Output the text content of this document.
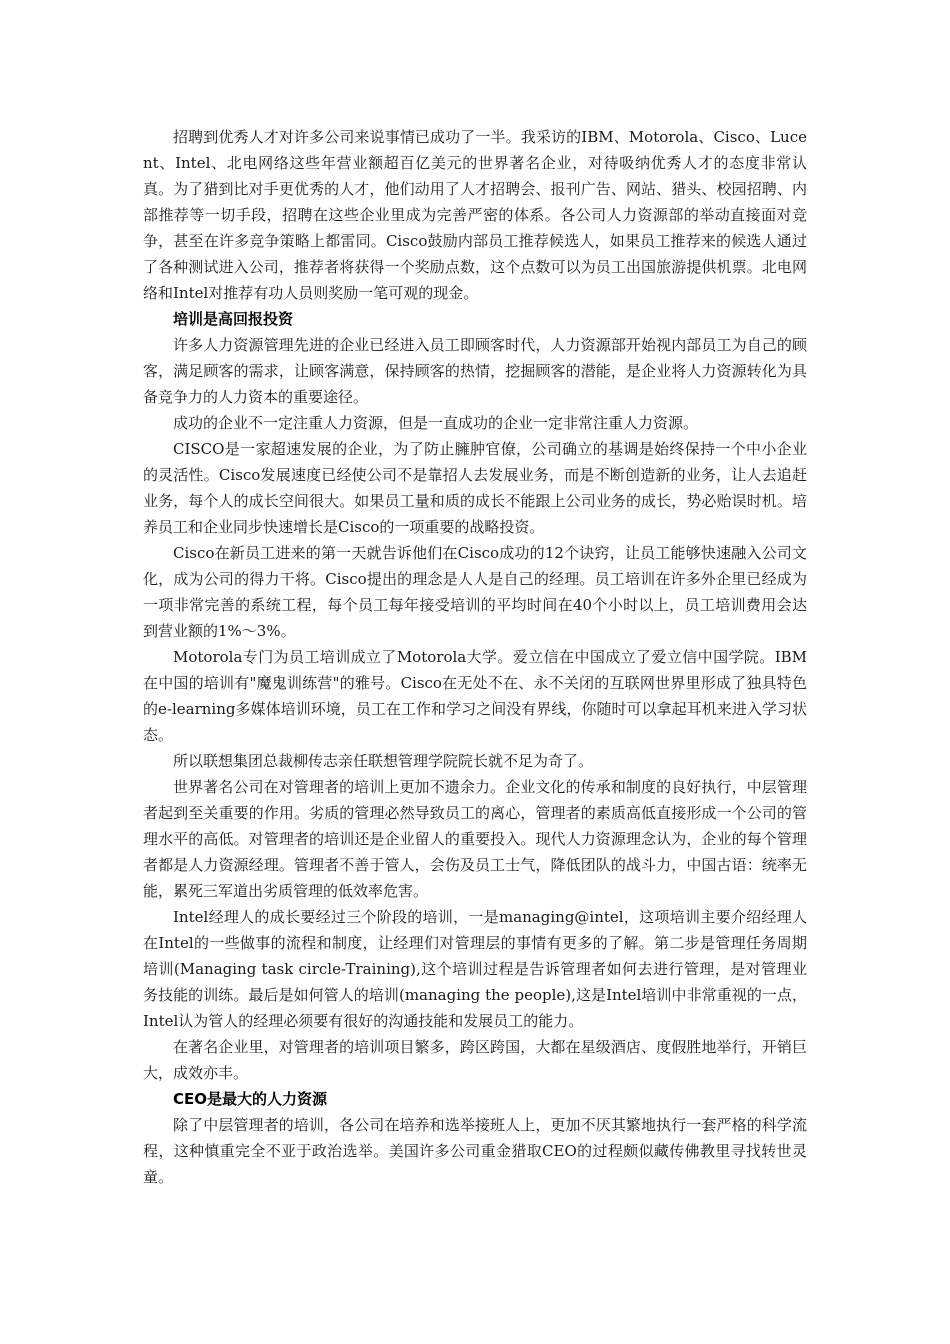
招聘到优秀人才对许多公司来说事情已成功了一半。我采访的IBM、Motorola、Cisco、Lucent、Intel、北电网络这些年营业额超百亿美元的世界著名企业，对待吸纳优秀人才的态度非常认真。为了猎到比对手更优秀的人才，他们动用了人才招聘会、报刊广告、网站、猎头、校园招聘、内部推荐等一切手段，招聘在这些企业里成为完善严密的体系。各公司人力资源部的举动直接面对竞争，甚至在许多竞争策略上都雷同。Cisco鼓励内部员工推荐候选人，如果员工推荐来的候选人通过了各种测试进入公司，推荐者将获得一个奖励点数，这个点数可以为员工出国旅游提供机票。北电网络和Intel对推荐有功人员则奖励一笔可观的现金。

培训是高回报投资

许多人力资源管理先进的企业已经进入员工即顾客时代，人力资源部开始视内部员工为自己的顾客，满足顾客的需求，让顾客满意，保持顾客的热情，挖掘顾客的潜能，是企业将人力资源转化为具备竞争力的人力资本的重要途径。

成功的企业不一定注重人力资源，但是一直成功的企业一定非常注重人力资源。

CISCO是一家超速发展的企业，为了防止臃肿官僚，公司确立的基调是始终保持一个中小企业的灵活性。Cisco发展速度已经使公司不是靠招人去发展业务，而是不断创造新的业务，让人去追赶业务，每个人的成长空间很大。如果员工量和质的成长不能跟上公司业务的成长，势必贻误时机。培养员工和企业同步快速增长是Cisco的一项重要的战略投资。

Cisco在新员工进来的第一天就告诉他们在Cisco成功的12个诀窍，让员工能够快速融入公司文化，成为公司的得力干将。Cisco提出的理念是人人是自己的经理。员工培训在许多外企里已经成为一项非常完善的系统工程，每个员工每年接受培训的平均时间在40个小时以上，员工培训费用会达到营业额的1%～3%。

Motorola专门为员工培训成立了Motorola大学。爱立信在中国成立了爱立信中国学院。IBM在中国的培训有"魔鬼训练营"的雅号。Cisco在无处不在、永不关闭的互联网世界里形成了独具特色的e-learning多媒体培训环境，员工在工作和学习之间没有界线，你随时可以拿起耳机来进入学习状态。

所以联想集团总裁柳传志亲任联想管理学院院长就不足为奇了。

世界著名公司在对管理者的培训上更加不遗余力。企业文化的传承和制度的良好执行，中层管理者起到至关重要的作用。劣质的管理必然导致员工的离心，管理者的素质高低直接形成一个公司的管理水平的高低。对管理者的培训还是企业留人的重要投入。现代人力资源理念认为，企业的每个管理者都是人力资源经理。管理者不善于管人，会伤及员工士气，降低团队的战斗力，中国古语：统率无能，累死三军道出劣质管理的低效率危害。

Intel经理人的成长要经过三个阶段的培训，一是managing@intel，这项培训主要介绍经理人在Intel的一些做事的流程和制度，让经理们对管理层的事情有更多的了解。第二步是管理任务周期培训(Managing task circle-Training),这个培训过程是告诉管理者如何去进行管理，是对管理业务技能的训练。最后是如何管人的培训(managing the people),这是Intel培训中非常重视的一点，Intel认为管人的经理必须要有很好的沟通技能和发展员工的能力。

在著名企业里，对管理者的培训项目繁多，跨区跨国，大都在星级酒店、度假胜地举行，开销巨大，成效亦丰。

CEO是最大的人力资源

除了中层管理者的培训，各公司在培养和选举接班人上，更加不厌其繁地执行一套严格的科学流程，这种慎重完全不亚于政治选举。美国许多公司重金猎取CEO的过程颇似藏传佛教里寻找转世灵童。
